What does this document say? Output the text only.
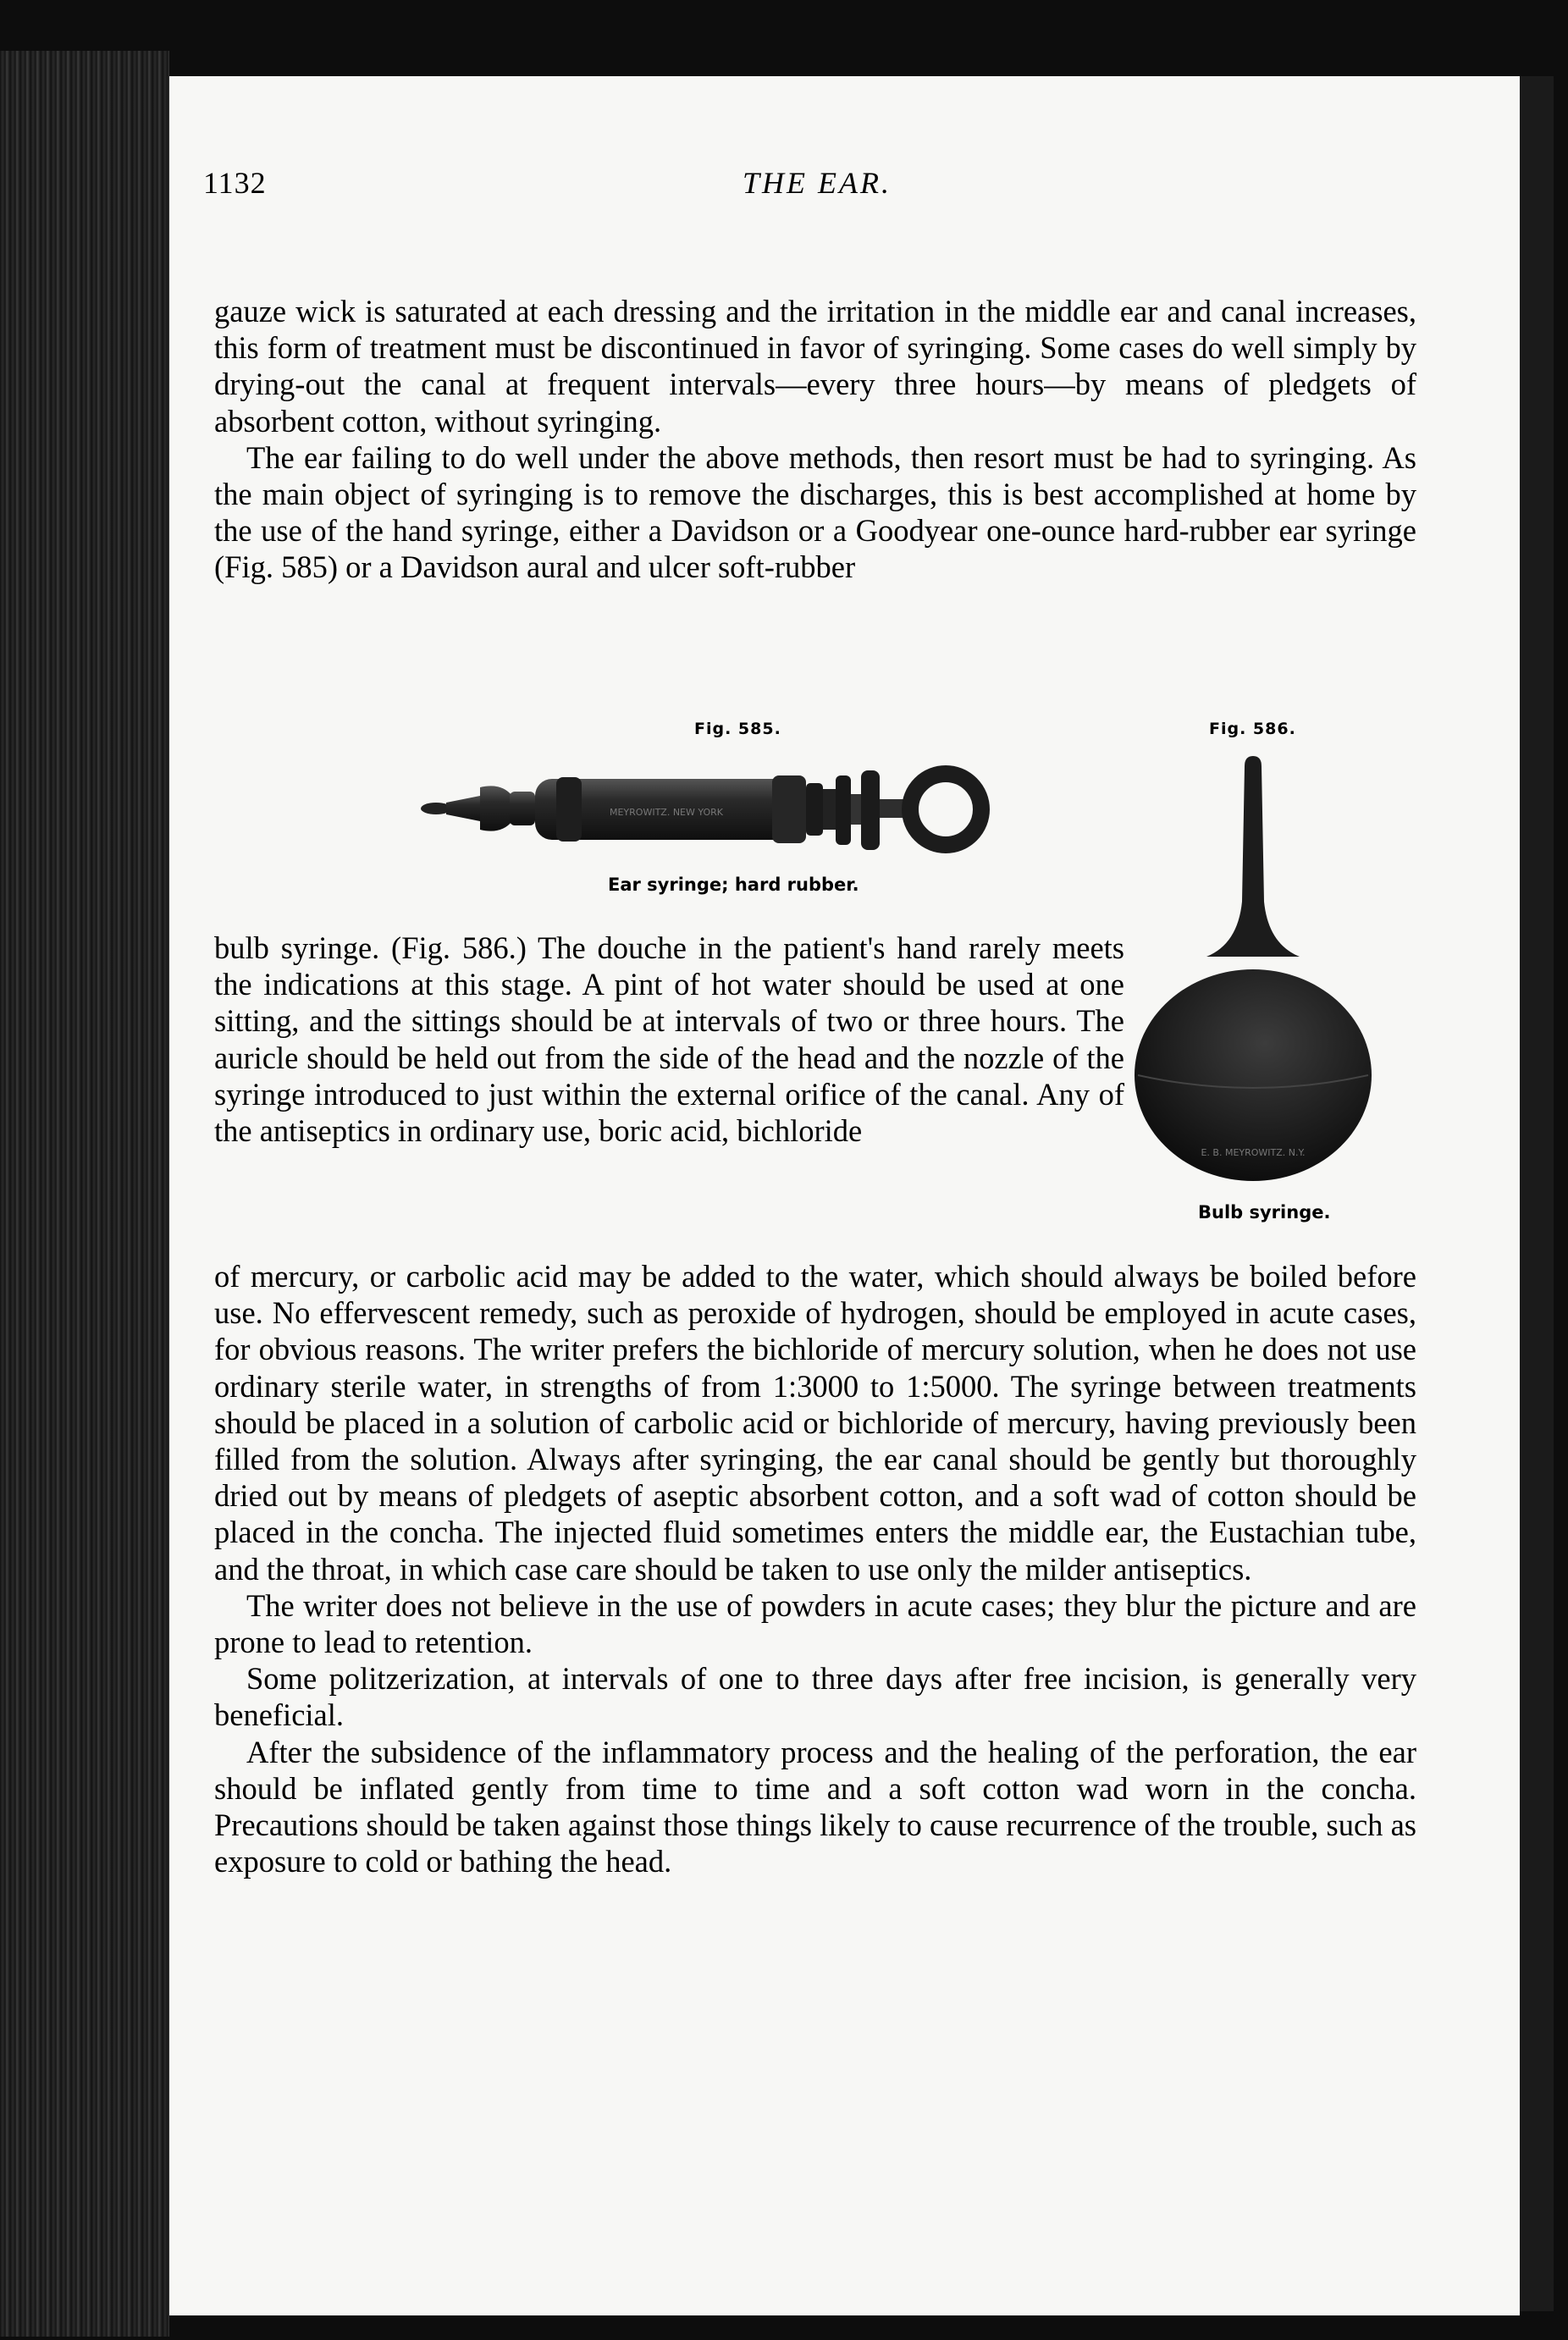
1132	THE EAR.

gauze wick is saturated at each dressing and the irritation in the middle ear and canal increases, this form of treatment must be discontinued in favor of syringing. Some cases do well simply by drying-out the canal at frequent intervals—every three hours—by means of pledgets of absorbent cotton, without syringing.

The ear failing to do well under the above methods, then resort must be had to syringing. As the main object of syringing is to remove the discharges, this is best accomplished at home by the use of the hand syringe, either a Davidson or a Goodyear one-ounce hard-rubber ear syringe (Fig. 585) or a Davidson aural and ulcer soft-rubber

Fig. 585.
MEYROWITZ. NEW YORK
Ear syringe; hard rubber.
Fig. 586.
E. B. MEYROWITZ. N.Y.
Bulb syringe.

bulb syringe. (Fig. 586.) The douche in the patient's hand rarely meets the indications at this stage. A pint of hot water should be used at one sitting, and the sittings should be at intervals of two or three hours. The auricle should be held out from the side of the head and the nozzle of the syringe introduced to just within the external orifice of the canal. Any of the antiseptics in ordinary use, boric acid, bichloride

of mercury, or carbolic acid may be added to the water, which should always be boiled before use. No effervescent remedy, such as peroxide of hydrogen, should be employed in acute cases, for obvious reasons. The writer prefers the bichloride of mercury solution, when he does not use ordinary sterile water, in strengths of from 1:3000 to 1:5000. The syringe between treatments should be placed in a solution of carbolic acid or bichloride of mercury, having previously been filled from the solution. Always after syringing, the ear canal should be gently but thoroughly dried out by means of pledgets of aseptic absorbent cotton, and a soft wad of cotton should be placed in the concha. The injected fluid sometimes enters the middle ear, the Eustachian tube, and the throat, in which case care should be taken to use only the milder antiseptics.

The writer does not believe in the use of powders in acute cases; they blur the picture and are prone to lead to retention.

Some politzerization, at intervals of one to three days after free incision, is generally very beneficial.

After the subsidence of the inflammatory process and the healing of the perforation, the ear should be inflated gently from time to time and a soft cotton wad worn in the concha. Precautions should be taken against those things likely to cause recurrence of the trouble, such as exposure to cold or bathing the head.
